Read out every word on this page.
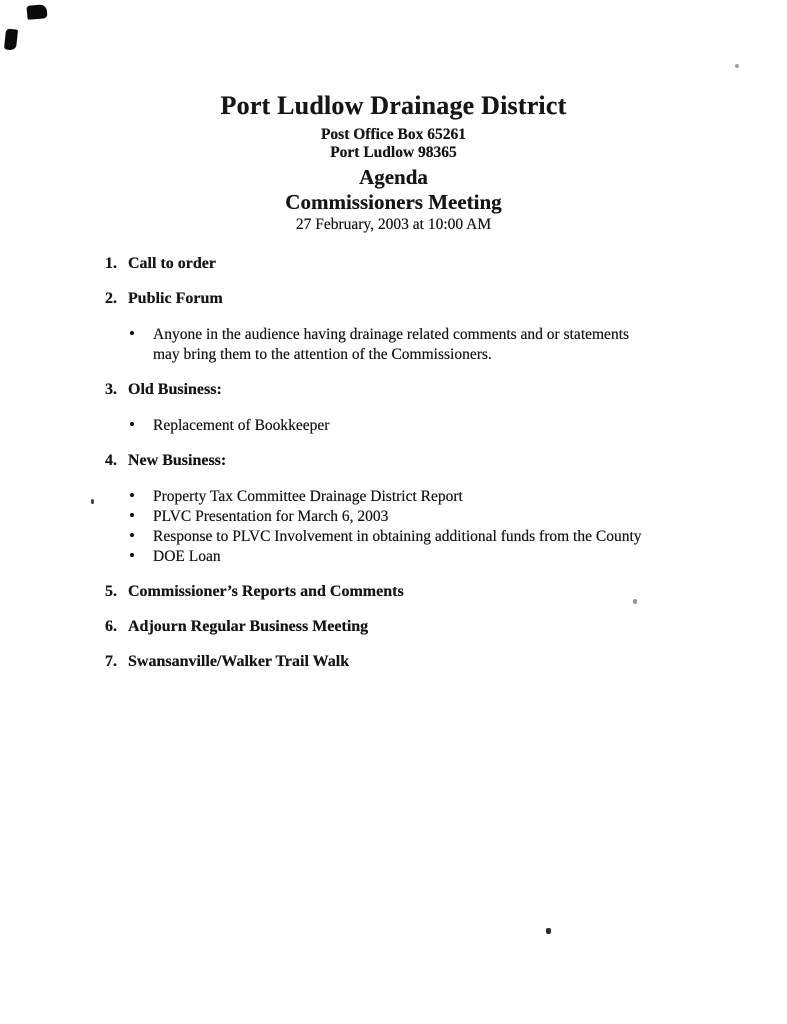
Port Ludlow Drainage District
Post Office Box 65261
Port Ludlow 98365
Agenda
Commissioners Meeting
27 February, 2003 at 10:00 AM
1. Call to order
2. Public Forum
• Anyone in the audience having drainage related comments and or statements may bring them to the attention of the Commissioners.
3. Old Business:
• Replacement of Bookkeeper
4. New Business:
• Property Tax Committee Drainage District Report
• PLVC Presentation for March 6, 2003
• Response to PLVC Involvement in obtaining additional funds from the County
• DOE Loan
5. Commissioner’s Reports and Comments
6. Adjourn Regular Business Meeting
7. Swansanville/Walker Trail Walk
